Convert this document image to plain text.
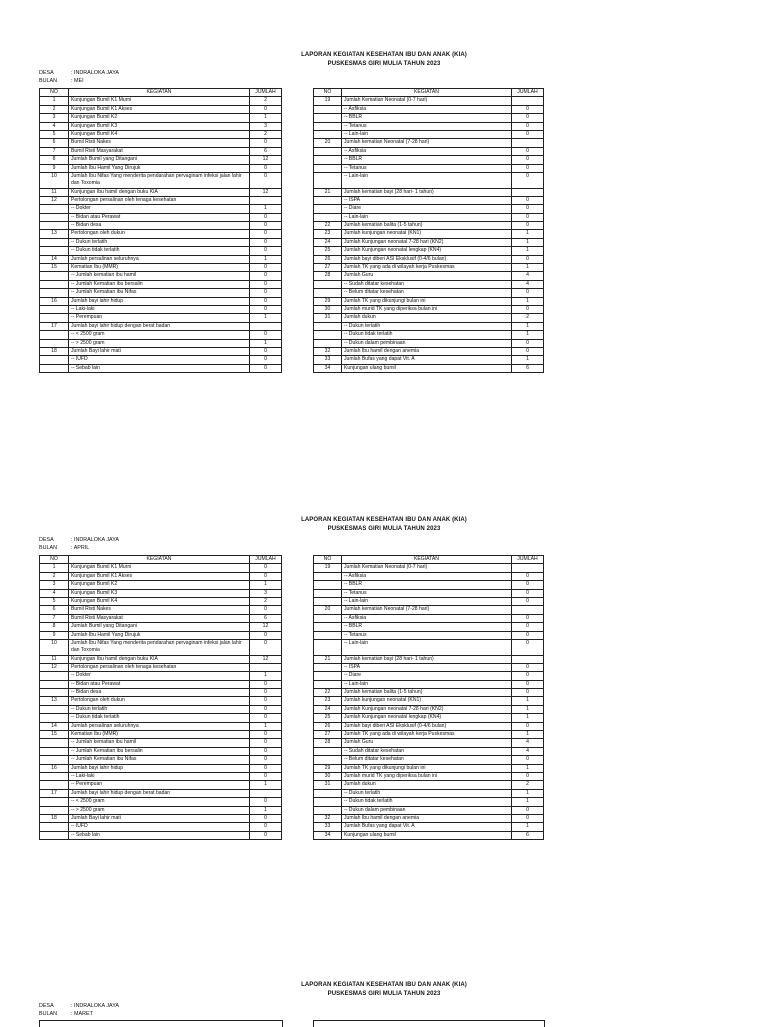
LAPORAN KEGIATAN KESEHATAN IBU DAN ANAK (KIA)
PUSKESMAS GIRI MULIA TAHUN 2023
DESA	: INDRALOKA JAYA
BULAN	: MEI
NO	KEGIATAN	JUMLAH
1	Kunjungan Bumil K1 Murni	2
2	Kunjungan Bumil K1 Akses	0
3	Kunjungan Bumil K2	1
4	Kunjungan Bumil K3	3
5	Kunjungan Bumil K4	2
6	Bumil Risti Nakes	0
7	Bumil Risti Masyarakat	6
8	Jumlah Bumil yang Ditangani	12
9	Jumlah Ibu Hamil Yang Dirujuk	0
10	Jumlah Ibu Nifas Yang menderita pendarahan pervaginam infeksi jalan lahir dan Toxomia	0
11	Kunjungan Ibu hamil dengan buku KIA	12
12	Pertolongan persalinan oleh tenaga kesehatan	
	-- Dokter	1
	-- Bidan atau Perawat	0
	-- Bidan desa	0
13	Pertolongan oleh dukun	0
	-- Dukun terlatih	0
	-- Dukun tidak terlatih	0
14	Jumlah persalinan seluruhnya	1
15	Kematian Ibu (MMR)	0
	-- Jumlah kematian ibu hamil	0
	-- Jumlah Kematian ibu bersalin	0
	-- Jumlah Kematian ibu Nifas	0
16	Jumlah bayi lahir hidup	0
	-- Laki-laki	0
	-- Perempuan	1
17	Jumlah bayi lahir hidup dengan berat badan	
	-- < 2500 gram	0
	-- > 2500 gram	1
18	Jumlah Bayi lahir mati	0
	-- IUFD	0
	-- Sebab lain	0
NO	KEGIATAN	JUMLAH
19	Jumlah Kematian Neonatal (0-7 hari)	
	-- Asfiksia	0
	-- BBLR	0
	-- Tetanus	0
	-- Lain-lain	0
20	Jumlah kematian Neonatal (7-28 hari)	
	-- Asfiksia	0
	-- BBLR	0
	-- Tetanus	0
	-- Lain-lain	0
21	Jumlah kematian bayi (28 hari- 1 tahun)	
	-- ISPA	0
	-- Diare	0
	-- Lain-lain	0
22	Jumlah kematian balita (1-5 tahun)	0
23	Jumlah kunjungan neonatal (KN1)	1
24	Jumlah Kunjungan neonatal 7-28 hari (KN2)	1
25	Jumlah Kunjungan neonatal lengkap (KN4)	1
26	Jumlah bayi diberi ASI Eksklusif (0-4/6 bulan)	0
27	Jumlah TK yang ada di wilayah kerja Puskesmas	1
28	Jumlah Guru	4
	-- Sudah ditatar kesehatan	4
	-- Belum ditatar kesehatan	0
29	Jumlah TK yang dikunjungi bulan ini	1
30	Jumlah murid TK yang diperiksa bulan ini	0
31	Jumlah dukun	2
	-- Dukun terlatih	1
	-- Dukun tidak terlatih	1
	-- Dukun dalam pembinaan	0
32	Jumlah Ibu hamil dengan anemia	0
33	Jumlah Bufas yang dapat Vit. A	1
34	Kunjungan ulang bumil	6
LAPORAN KEGIATAN KESEHATAN IBU DAN ANAK (KIA)
PUSKESMAS GIRI MULIA TAHUN 2023
DESA	: INDRALOKA JAYA
BULAN	: APRIL
NO	KEGIATAN	JUMLAH
1	Kunjungan Bumil K1 Murni	0
2	Kunjungan Bumil K1 Akses	0
3	Kunjungan Bumil K2	1
4	Kunjungan Bumil K3	3
5	Kunjungan Bumil K4	2
6	Bumil Risti Nakes	0
7	Bumil Risti Masyarakat	6
8	Jumlah Bumil yang Ditangani	12
9	Jumlah Ibu Hamil Yang Dirujuk	0
10	Jumlah Ibu Nifas Yang menderita pendarahan pervaginam infeksi jalan lahir dan Toxomia	0
11	Kunjungan Ibu hamil dengan buku KIA	12
12	Pertolongan persalinan oleh tenaga kesehatan	
	-- Dokter	1
	-- Bidan atau Perawat	0
	-- Bidan desa	0
13	Pertolongan oleh dukun	0
	-- Dukun terlatih	0
	-- Dukun tidak terlatih	0
14	Jumlah persalinan seluruhnya	1
15	Kematian Ibu (MMR)	0
	-- Jumlah kematian ibu hamil	0
	-- Jumlah Kematian ibu bersalin	0
	-- Jumlah Kematian ibu Nifas	0
16	Jumlah bayi lahir hidup	0
	-- Laki-laki	0
	-- Perempuan	1
17	Jumlah bayi lahir hidup dengan berat badan	
	-- < 2500 gram	0
	-- > 2500 gram	1
18	Jumlah Bayi lahir mati	0
	-- IUFD	0
	-- Sebab lain	0
NO	KEGIATAN	JUMLAH
19	Jumlah Kematian Neonatal (0-7 hari)	
	-- Asfiksia	0
	-- BBLR	0
	-- Tetanus	0
	-- Lain-lain	0
20	Jumlah kematian Neonatal (7-28 hari)	
	-- Asfiksia	0
	-- BBLR	0
	-- Tetanus	0
	-- Lain-lain	0
21	Jumlah kematian bayi (28 hari- 1 tahun)	
	-- ISPA	0
	-- Diare	0
	-- Lain-lain	0
22	Jumlah kematian balita (1-5 tahun)	0
23	Jumlah kunjungan neonatal (KN1)	1
24	Jumlah Kunjungan neonatal 7-28 hari (KN2)	1
25	Jumlah Kunjungan neonatal lengkap (KN4)	1
26	Jumlah bayi diberi ASI Eksklusif (0-4/6 bulan)	0
27	Jumlah TK yang ada di wilayah kerja Puskesmas	1
28	Jumlah Guru	4
	-- Sudah ditatar kesehatan	4
	-- Belum ditatar kesehatan	0
29	Jumlah TK yang dikunjungi bulan ini	1
30	Jumlah murid TK yang diperiksa bulan ini	0
31	Jumlah dukun	2
	-- Dukun terlatih	1
	-- Dukun tidak terlatih	1
	-- Dukun dalam pembinaan	0
32	Jumlah Ibu hamil dengan anemia	0
33	Jumlah Bufas yang dapat Vit. A	1
34	Kunjungan ulang bumil	6
LAPORAN KEGIATAN KESEHATAN IBU DAN ANAK (KIA)
PUSKESMAS GIRI MULIA TAHUN 2023
DESA	: INDRALOKA JAYA
BULAN	: MARET
